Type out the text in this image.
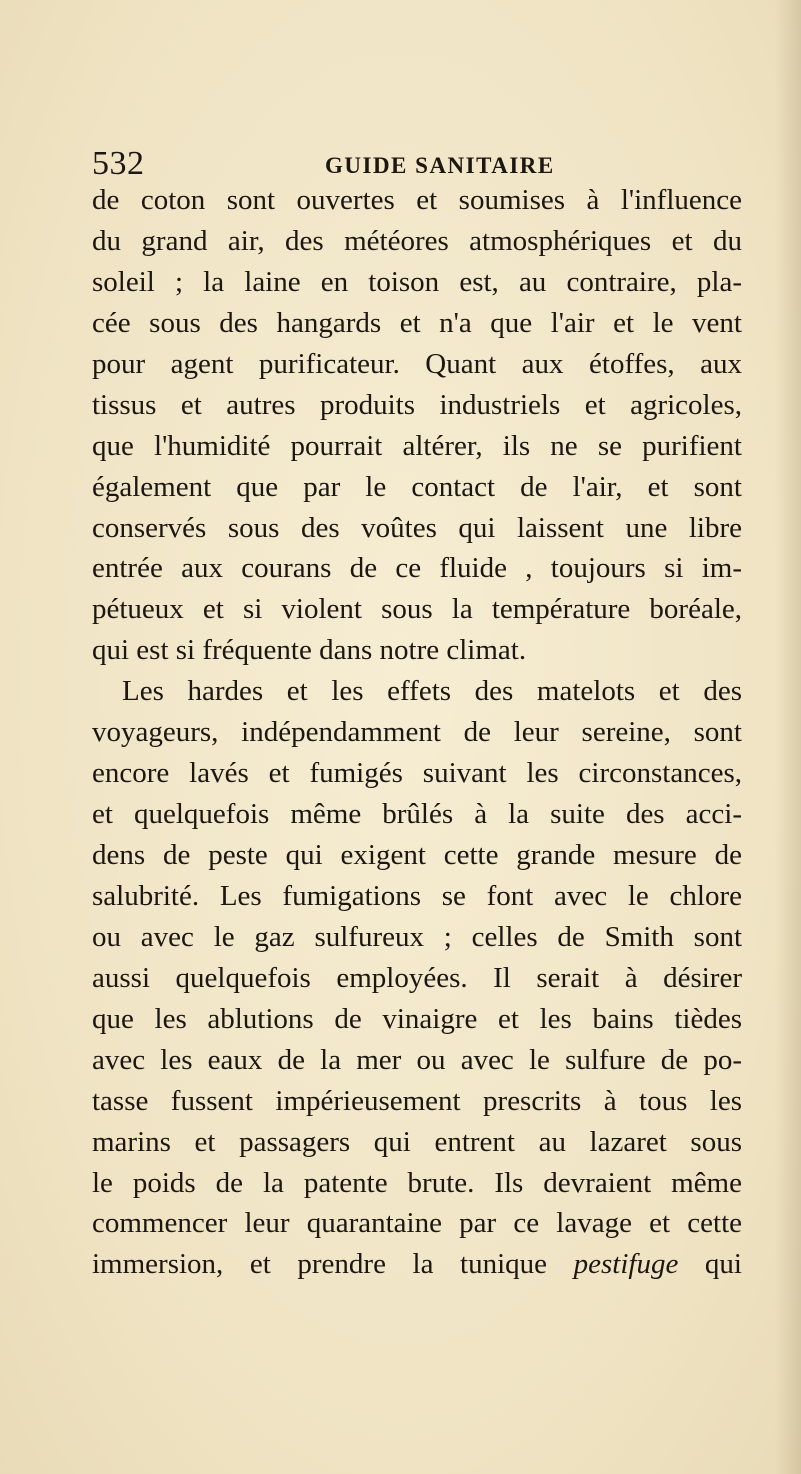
532	GUIDE SANITAIRE
de coton sont ouvertes et soumises à l'influence
du grand air, des météores atmosphériques et du
soleil ; la laine en toison est, au contraire, pla-
cée sous des hangards et n'a que l'air et le vent
pour agent purificateur. Quant aux étoffes, aux
tissus et autres produits industriels et agricoles,
que l'humidité pourrait altérer, ils ne se purifient
également que par le contact de l'air, et sont
conservés sous des voûtes qui laissent une libre
entrée aux courans de ce fluide , toujours si im-
pétueux et si violent sous la température boréale,
qui est si fréquente dans notre climat.
Les hardes et les effets des matelots et des
voyageurs, indépendamment de leur sereine, sont
encore lavés et fumigés suivant les circonstances,
et quelquefois même brûlés à la suite des acci-
dens de peste qui exigent cette grande mesure de
salubrité. Les fumigations se font avec le chlore
ou avec le gaz sulfureux ; celles de Smith sont
aussi quelquefois employées. Il serait à désirer
que les ablutions de vinaigre et les bains tièdes
avec les eaux de la mer ou avec le sulfure de po-
tasse fussent impérieusement prescrits à tous les
marins et passagers qui entrent au lazaret sous
le poids de la patente brute. Ils devraient même
commencer leur quarantaine par ce lavage et cette
immersion, et prendre la tunique pestifuge qui
